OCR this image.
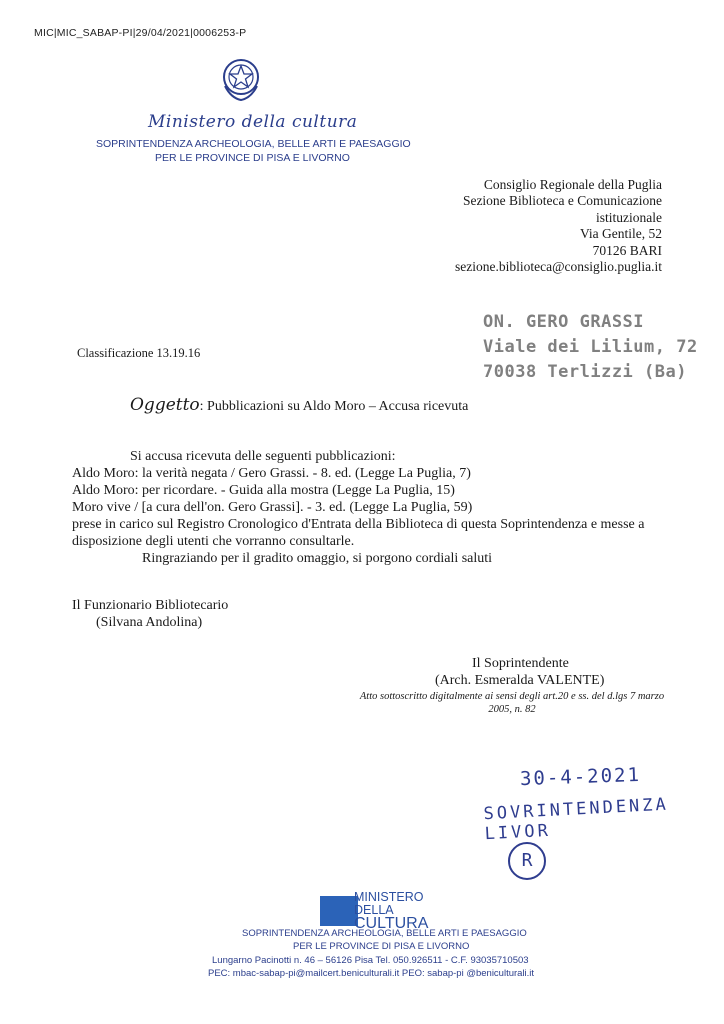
MIC|MIC_SABAP-PI|29/04/2021|0006253-P
Ministero della cultura
SOPRINTENDENZA ARCHEOLOGIA, BELLE ARTI E PAESAGGIO
PER LE PROVINCE DI PISA E LIVORNO
Consiglio Regionale della Puglia
Sezione Biblioteca e Comunicazione
istituzionale
Via Gentile, 52
70126 BARI
sezione.biblioteca@consiglio.puglia.it
ON. GERO GRASSI
Viale dei Lilium, 72
70038 Terlizzi (Ba)
Classificazione 13.19.16
Oggetto: Pubblicazioni su Aldo Moro – Accusa ricevuta
Si accusa ricevuta delle seguenti pubblicazioni:
Aldo Moro: la verità negata / Gero Grassi. - 8. ed. (Legge La Puglia, 7)
Aldo Moro: per ricordare. - Guida alla mostra (Legge La Puglia, 15)
Moro vive / [a cura dell'on. Gero Grassi]. - 3. ed. (Legge La Puglia, 59)
prese in carico sul Registro Cronologico d'Entrata della Biblioteca di questa Soprintendenza e messe a disposizione degli utenti che vorranno consultarle.
Ringraziando per il gradito omaggio, si porgono cordiali saluti
Il Funzionario Bibliotecario
(Silvana Andolina)
Il Soprintendente
(Arch. Esmeralda VALENTE)
Atto sottoscritto digitalmente ai sensi degli art.20 e ss. del d.lgs 7 marzo 2005, n. 82
30-4-2021
SOVRINTENDENZA LIVOR
R
MINISTERO
DELLA
CULTURA
SOPRINTENDENZA ARCHEOLOGIA, BELLE ARTI E PAESAGGIO
PER LE PROVINCE DI PISA E LIVORNO
Lungarno Pacinotti n. 46 – 56126 Pisa Tel. 050.926511 - C.F. 93035710503
PEC: mbac-sabap-pi@mailcert.beniculturali.it PEO: sabap-pi @beniculturali.it
